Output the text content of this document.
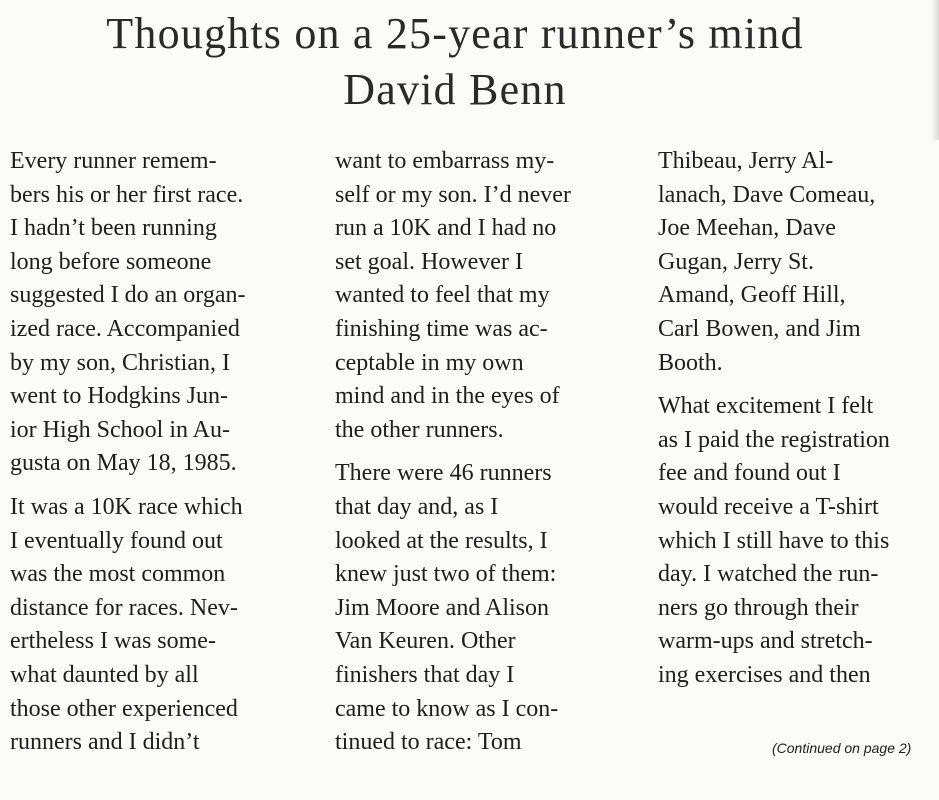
Thoughts on a 25-year runner’s mind
David Benn
Every runner remem-
bers his or her first race.
I hadn’t been running
long before someone
suggested I do an organ-
ized race. Accompanied
by my son, Christian, I
went to Hodgkins Jun-
ior High School in Au-
gusta on May 18, 1985.
It was a 10K race which
I eventually found out
was the most common
distance for races. Nev-
ertheless I was some-
what daunted by all
those other experienced
runners and I didn’t
want to embarrass my-
self or my son. I’d never
run a 10K and I had no
set goal. However I
wanted to feel that my
finishing time was ac-
ceptable in my own
mind and in the eyes of
the other runners.
There were 46 runners
that day and, as I
looked at the results, I
knew just two of them:
Jim Moore and Alison
Van Keuren. Other
finishers that day I
came to know as I con-
tinued to race: Tom
Thibeau, Jerry Al-
lanach, Dave Comeau,
Joe Meehan, Dave
Gugan, Jerry St.
Amand, Geoff Hill,
Carl Bowen, and Jim
Booth.
What excitement I felt
as I paid the registration
fee and found out I
would receive a T-shirt
which I still have to this
day. I watched the run-
ners go through their
warm-ups and stretch-
ing exercises and then
(Continued on page 2)
